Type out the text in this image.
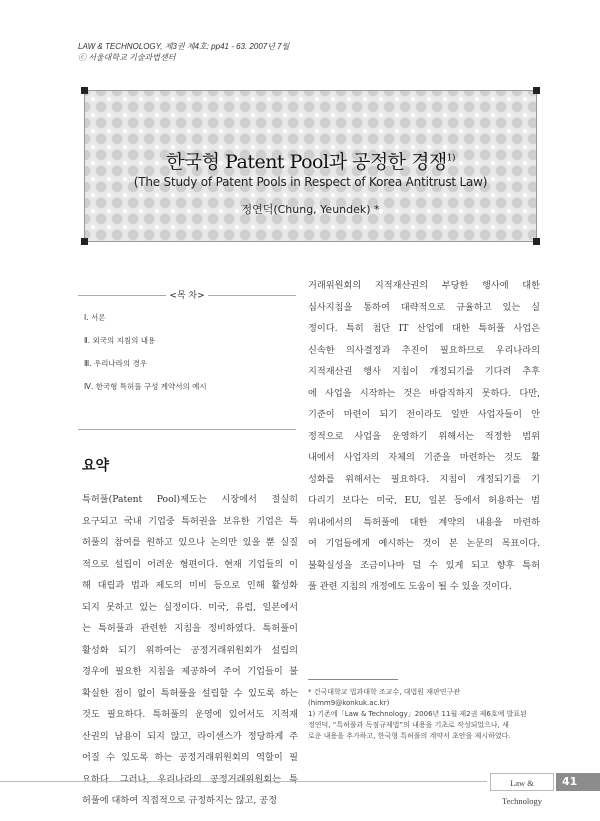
LAW & TECHNOLOGY, 제3권 제4호: pp41 - 63. 2007년 7월
ⓒ 서울대학교 기술과법센터
한국형 Patent Pool과 공정한 경쟁$^{1)}$
(The Study of Patent Pools in Respect of Korea Antitrust Law)
정연덕(Chung, Yeundek) *
<목 차>
Ⅰ. 서론
Ⅱ. 외국의 지침의 내용
Ⅲ. 우리나라의 경우
Ⅳ. 한국형 특허풀 구성 계약서의 예시
요약
특허풀(Patent Pool)제도는 시장에서 절실히
요구되고 국내 기업중 특허권을 보유한 기업은 특
허풀의 참여를 원하고 있으나 논의만 있을 뿐 실질
적으로 설립이 어려운 형편이다. 현재 기업들의 이
해 대립과 법과 제도의 미비 등으로 인해 활성화
되지 못하고 있는 실정이다. 미국, 유럽, 일본에서
는 특허풀과 관련한 지침을 정비하였다. 특허풀이
활성화 되기 위하여는 공정거래위원회가 설립의
경우에 필요한 지침을 제공하여 주어 기업들이 불
확실한 점이 없이 특허풀을 설립할 수 있도록 하는
것도 필요하다. 특허풀의 운영에 있어서도 지적재
산권의 남용이 되지 않고, 라이센스가 정당하게 주
어질 수 있도록 하는 공정거래위원회의 역할이 필
요하다. 그러나, 우리나라의 공정거래위원회는 특
허풀에 대하여 직접적으로 규정하지는 않고, 공정
거래위원회의 지적재산권의 부당한 행사에 대한
심사지침을 통하여 대략적으로 규율하고 있는 실
정이다. 특히 첨단 IT 산업에 대한 특허풀 사업은
신속한 의사결정과 추진이 필요하므로 우리나라의
지적재산권 행사 지침이 개정되기를 기다려 추후
에 사업을 시작하는 것은 바람직하지 못하다. 다만,
기준이 마련이 되기 전이라도 일반 사업자들이 안
정적으로 사업을 운영하기 위해서는 적정한 범위
내에서 사업자의 자체의 기준을 마련하는 것도 활
성화를 위해서는 필요하다. 지침이 개정되기를 기
다리기 보다는 미국, EU, 일본 등에서 허용하는 범
위내에서의 특허풀에 대한 계약의 내용을 마련하
여 기업들에게 예시하는 것이 본 논문의 목표이다.
불확실성을 조금이나마 덜 수 있게 되고 향후 특허
풀 관련 지침의 개정에도 도움이 될 수 있을 것이다.
* 건국대학교 법과대학 조교수, 대법원 재판연구관
(himm9@konkuk.ac.kr)
1) 기존에「Law & Technology」2006년 11월 제2권 제6호에 발표된
정연덕, “특허풀과 독점규제법”의 내용을 기초로 작성되었으나, 새
로운 내용을 추가하고, 한국형 특허풀의 계약서 초안을 제시하였다.
Law & Technology
41
